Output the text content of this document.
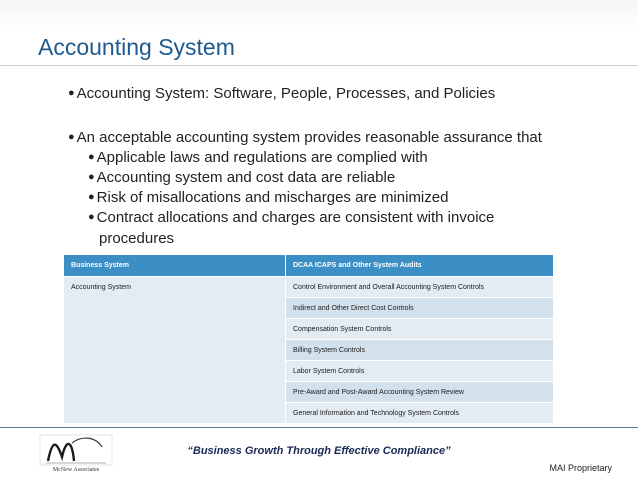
Accounting System
● Accounting System: Software, People, Processes, and Policies
● An acceptable accounting system provides reasonable assurance that
● Applicable laws and regulations are complied with
● Accounting system and cost data are reliable
● Risk of misallocations and mischarges are minimized
● Contract allocations and charges are consistent with invoice procedures
Business System	DCAA ICAPS and Other System Audits
Accounting System	Control Environment and Overall Accounting System Controls
	Indirect and Other Direct Cost Controls
	Compensation System Controls
	Billing System Controls
	Labor System Controls
	Pre-Award and Post-Award Accounting System Review
	General Information and Technology System Controls
McNew Associates
“Business Growth Through Effective Compliance”
MAI Proprietary
